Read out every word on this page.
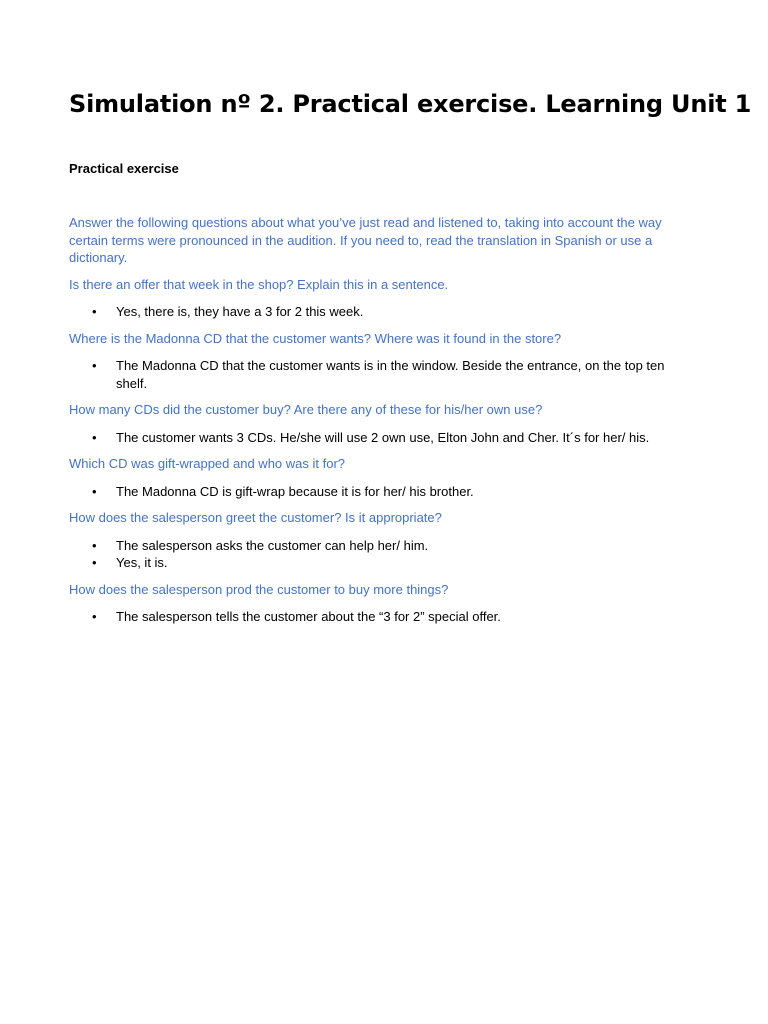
Simulation nº 2. Practical exercise. Learning Unit 1
Practical exercise

Answer the following questions about what you’ve just read and listened to, taking into account the way certain terms were pronounced in the audition. If you need to, read the translation in Spanish or use a dictionary.

Is there an offer that week in the shop? Explain this in a sentence.

• Yes, there is, they have a 3 for 2 this week.

Where is the Madonna CD that the customer wants? Where was it found in the store?

• The Madonna CD that the customer wants is in the window. Beside the entrance, on the top ten shelf.

How many CDs did the customer buy? Are there any of these for his/her own use?

• The customer wants 3 CDs. He/she will use 2 own use, Elton John and Cher. It´s for her/ his.

Which CD was gift-wrapped and who was it for?

• The Madonna CD is gift-wrap because it is for her/ his brother.

How does the salesperson greet the customer? Is it appropriate?

• The salesperson asks the customer can help her/ him.
• Yes, it is.

How does the salesperson prod the customer to buy more things?

• The salesperson tells the customer about the “3 for 2” special offer.
